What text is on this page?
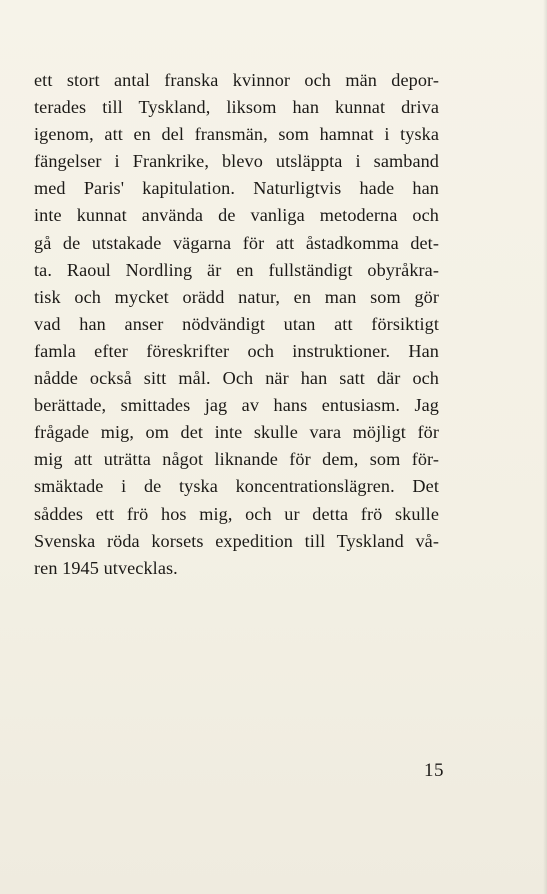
ett stort antal franska kvinnor och män depor-
terades till Tyskland, liksom han kunnat driva
igenom, att en del fransmän, som hamnat i tyska
fängelser i Frankrike, blevo utsläppta i samband
med Paris' kapitulation. Naturligtvis hade han
inte kunnat använda de vanliga metoderna och
gå de utstakade vägarna för att åstadkomma det-
ta. Raoul Nordling är en fullständigt obyråkra-
tisk och mycket orädd natur, en man som gör
vad han anser nödvändigt utan att försiktigt
famla efter föreskrifter och instruktioner. Han
nådde också sitt mål. Och när han satt där och
berättade, smittades jag av hans entusiasm. Jag
frågade mig, om det inte skulle vara möjligt för
mig att uträtta något liknande för dem, som för-
smäktade i de tyska koncentrationslägren. Det
såddes ett frö hos mig, och ur detta frö skulle
Svenska röda korsets expedition till Tyskland vå-
ren 1945 utvecklas.
15
